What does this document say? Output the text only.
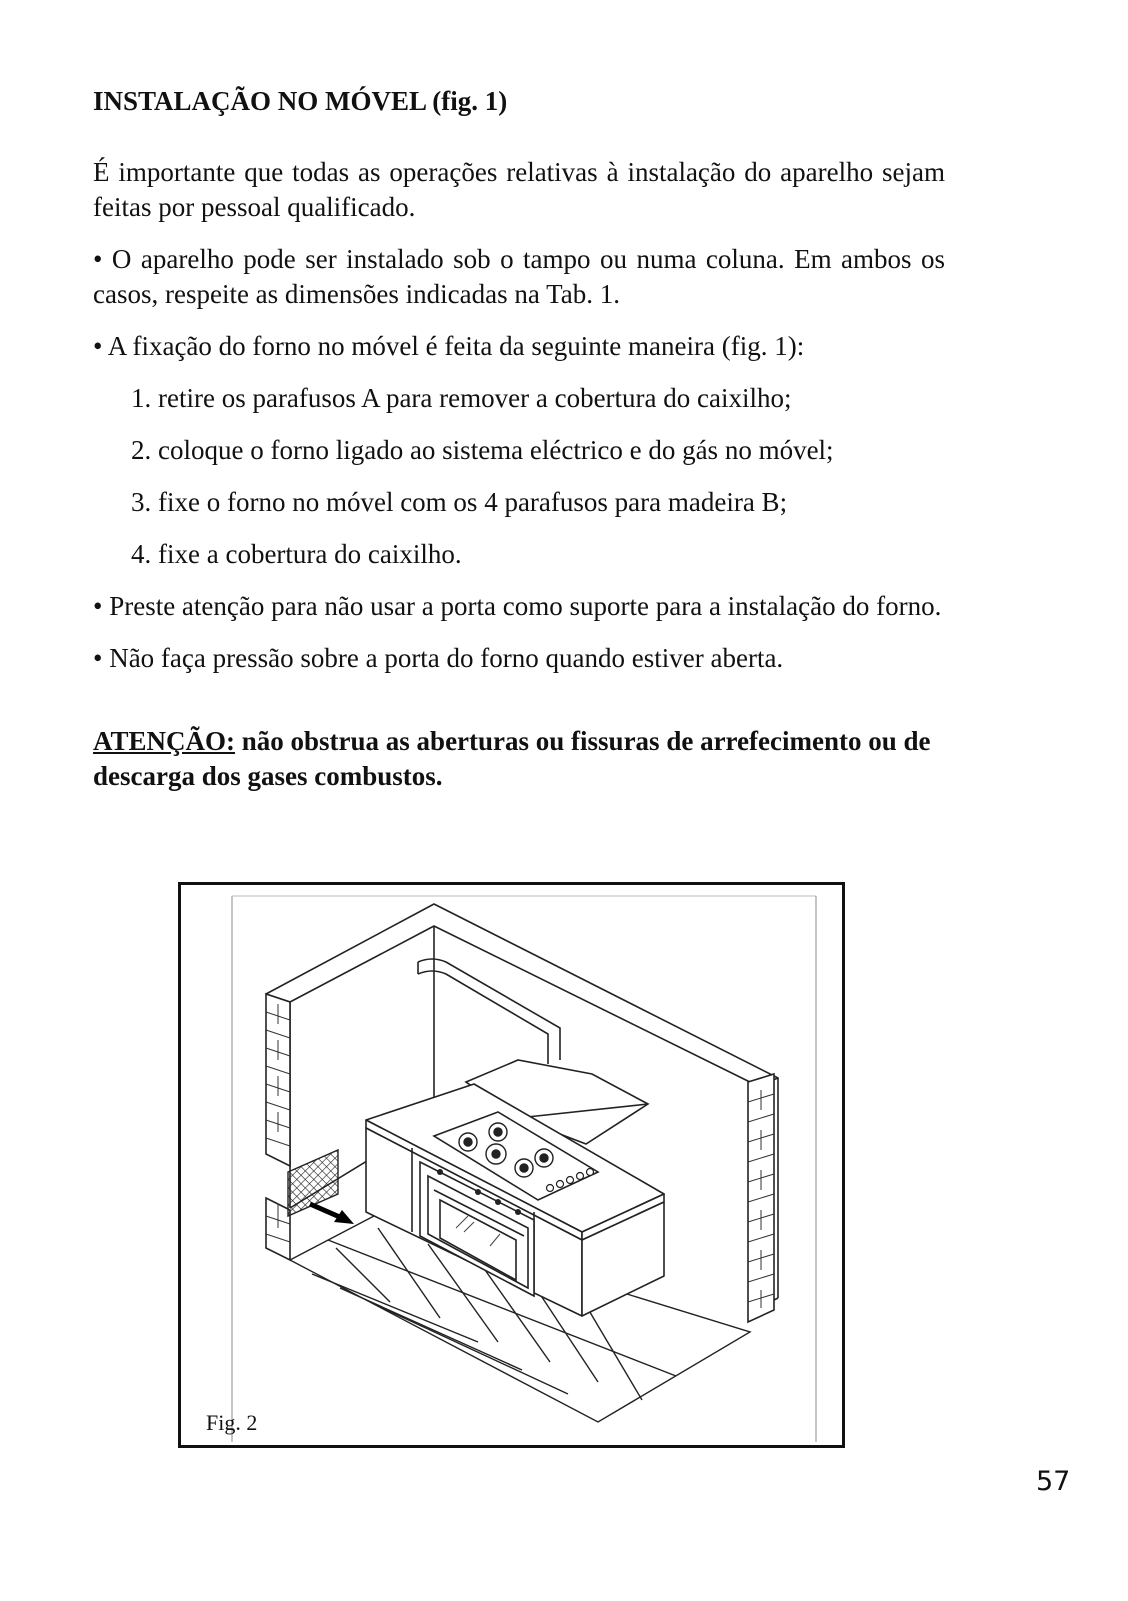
INSTALAÇÃO NO MÓVEL (fig. 1)

É importante que todas as operações relativas à instalação do aparelho sejam feitas por pessoal qualificado.

• O aparelho pode ser instalado sob o tampo ou numa coluna. Em ambos os casos, respeite as dimensões indicadas na Tab. 1.

• A fixação do forno no móvel é feita da seguinte maneira (fig. 1):

1. retire os parafusos A para remover a cobertura do caixilho;
2. coloque o forno ligado ao sistema eléctrico e do gás no móvel;
3. fixe o forno no móvel com os 4 parafusos para madeira B;
4. fixe a cobertura do caixilho.

• Preste atenção para não usar a porta como suporte para a instalação do forno.

• Não faça pressão sobre a porta do forno quando estiver aberta.

ATENÇÃO: não obstrua as aberturas ou fissuras de arrefecimento ou de descarga dos gases combustos.

Fig. 2
57
